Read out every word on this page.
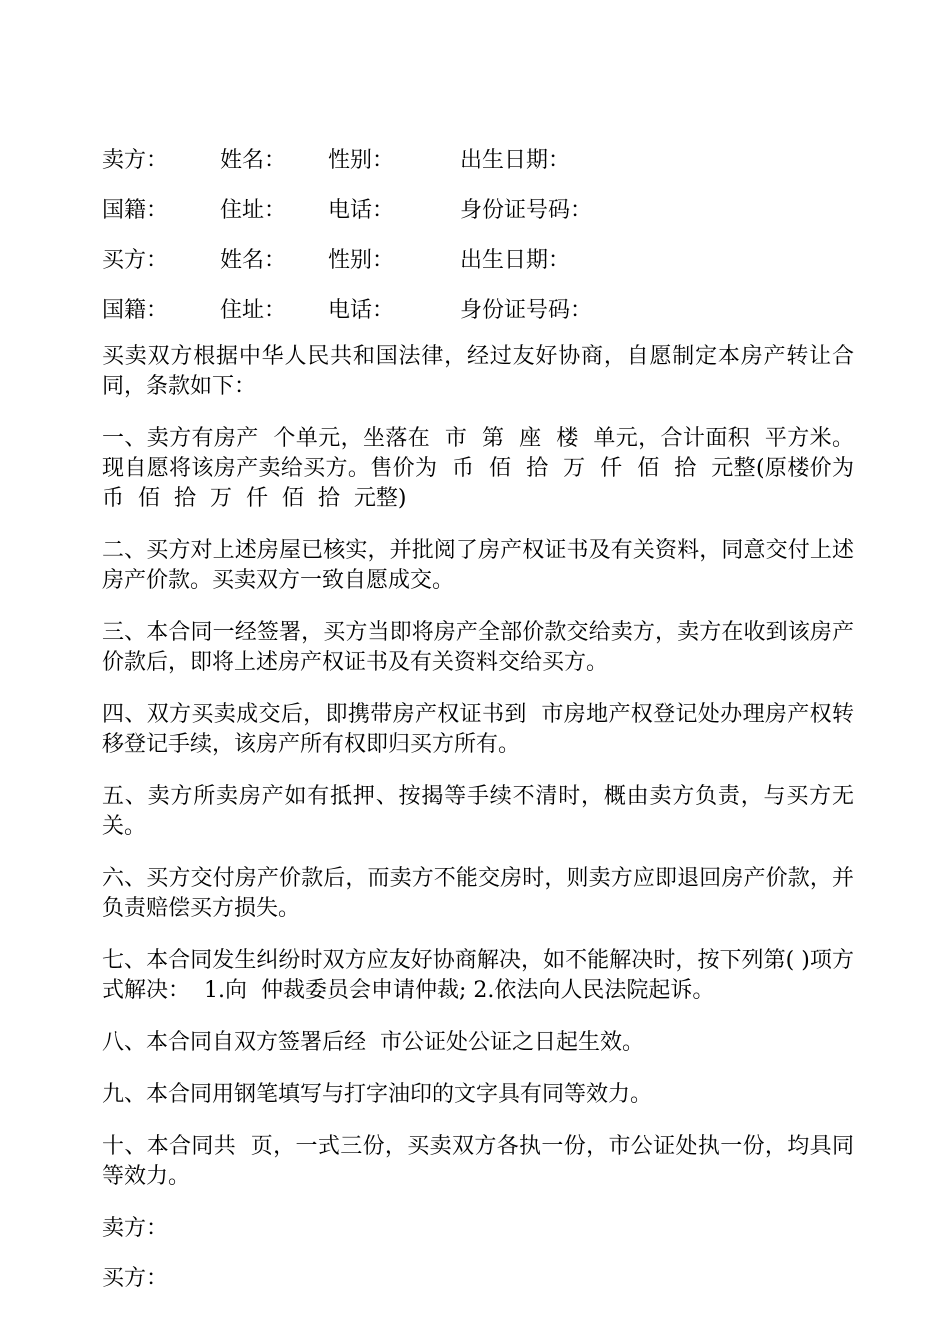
卖方： 姓名： 性别：	出生日期：
国籍： 住址： 电话：	身份证号码：
买方： 姓名： 性别：	出生日期：
国籍： 住址： 电话：	身份证号码：

买卖双方根据中华人民共和国法律，经过友好协商，自愿制定本房产转让合同，条款如下：

一、卖方有房产  个单元，坐落在  市  第  座  楼  单元，合计面积  平方米。现自愿将该房产卖给买方。售价为  币  佰  拾  万  仟  佰  拾  元整(原楼价为  币  佰  拾  万  仟  佰  拾  元整)

二、买方对上述房屋已核实，并批阅了房产权证书及有关资料，同意交付上述房产价款。买卖双方一致自愿成交。

三、本合同一经签署，买方当即将房产全部价款交给卖方，卖方在收到该房产价款后，即将上述房产权证书及有关资料交给买方。

四、双方买卖成交后，即携带房产权证书到  市房地产权登记处办理房产权转移登记手续，该房产所有权即归买方所有。

五、卖方所卖房产如有抵押、按揭等手续不清时，概由卖方负责，与买方无关。

六、买方交付房产价款后，而卖方不能交房时，则卖方应即退回房产价款，并负责赔偿买方损失。

七、本合同发生纠纷时双方应友好协商解决，如不能解决时，按下列第( )项方式解决：  1.向  仲裁委员会申请仲裁; 2.依法向人民法院起诉。

八、本合同自双方签署后经  市公证处公证之日起生效。

九、本合同用钢笔填写与打字油印的文字具有同等效力。

十、本合同共  页，一式三份，买卖双方各执一份，市公证处执一份，均具同等效力。

卖方：
买方：
